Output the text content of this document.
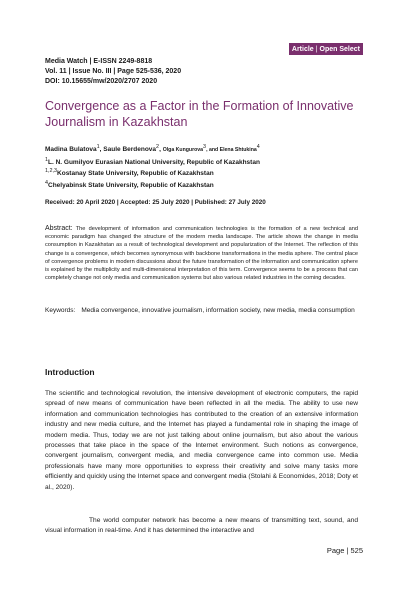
Article | Open Select
Media Watch | E-ISSN 2249-8818
Vol. 11 | Issue No. III | Page 525-536, 2020
DOI: 10.15655/mw/2020/2707 2020
Convergence as a Factor in the Formation of Innovative Journalism in Kazakhstan
Madina Bulatova$^1$, Saule Berdenova$^2$, Olga Kungurova$^3$, and Elena Shtukina$^4$
$^1$L. N. Gumilyov Eurasian National University, Republic of Kazakhstan
$^{1,2,3}$Kostanay State University, Republic of Kazakhstan
$^4$Chelyabinsk State University, Republic of Kazakhstan
Received: 20 April 2020 | Accepted: 25 July 2020 | Published: 27 July 2020
Abstract: The development of information and communication technologies is the formation of a new technical and economic paradigm has changed the structure of the modern media landscape. The article shows the change in media consumption in Kazakhstan as a result of technological development and popularization of the Internet. The reflection of this change is a convergence, which becomes synonymous with backbone transformations in the media sphere. The central place of convergence problems in modern discussions about the future transformation of the information and communication sphere is explained by the multiplicity and multi-dimensional interpretation of this term. Convergence seems to be a process that can completely change not only media and communication systems but also various related industries in the coming decades.
Keywords: Media convergence, innovative journalism, information society, new media, media consumption
Introduction
The scientific and technological revolution, the intensive development of electronic computers, the rapid spread of new means of communication have been reflected in all the media. The ability to use new information and communication technologies has contributed to the creation of an extensive information industry and new media culture, and the Internet has played a fundamental role in shaping the image of modern media. Thus, today we are not just talking about online journalism, but also about the various processes that take place in the space of the Internet environment. Such notions as convergence, convergent journalism, convergent media, and media convergence came into common use. Media professionals have many more opportunities to express their creativity and solve many tasks more efficiently and quickly using the Internet space and convergent media (Stolahi & Economides, 2018; Doty et al., 2020).
The world computer network has become a new means of transmitting text, sound, and visual information in real-time. And it has determined the interactive and
Page | 525
